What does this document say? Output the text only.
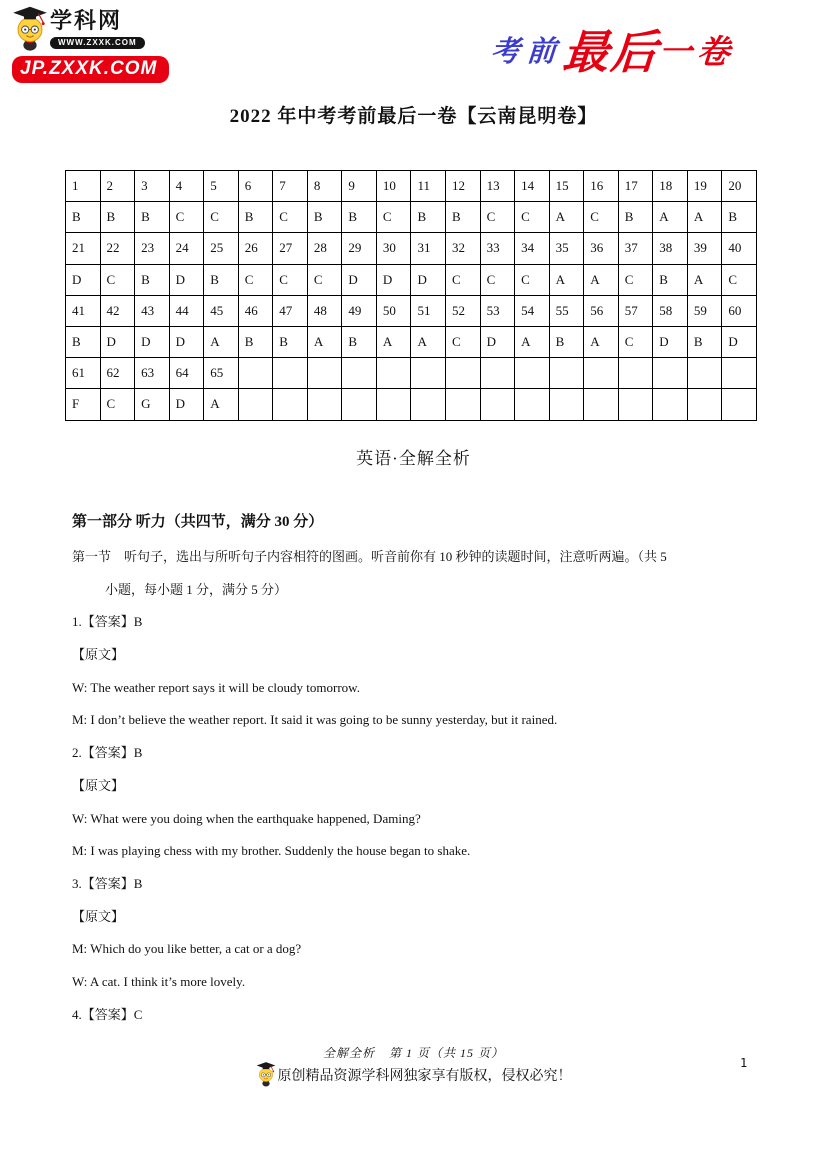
学科网
WWW.ZXXK.COM
JP.ZXXK.COM
考前
最后
一卷
2022 年中考考前最后一卷【云南昆明卷】
1	2	3	4	5	6	7	8	9	10	11	12	13	14	15	16	17	18	19	20
B	B	B	C	C	B	C	B	B	C	B	B	C	C	A	C	B	A	A	B
21	22	23	24	25	26	27	28	29	30	31	32	33	34	35	36	37	38	39	40
D	C	B	D	B	C	C	C	D	D	D	C	C	C	A	A	C	B	A	C
41	42	43	44	45	46	47	48	49	50	51	52	53	54	55	56	57	58	59	60
B	D	D	D	A	B	B	A	B	A	A	C	D	A	B	A	C	D	B	D
61	62	63	64	65															
F	C	G	D	A															
英语·全解全析
第一部分 听力（共四节，满分 30 分）

第一节　听句子，选出与所听句子内容相符的图画。听音前你有 10 秒钟的读题时间，注意听两遍。（共 5

小题，每小题 1 分，满分 5 分）

1.【答案】B

【原文】

W: The weather report says it will be cloudy tomorrow.

M: I don’t believe the weather report. It said it was going to be sunny yesterday, but it rained.

2.【答案】B

【原文】

W: What were you doing when the earthquake happened, Daming?

M: I was playing chess with my brother. Suddenly the house began to shake.

3.【答案】B

【原文】

M: Which do you like better, a cat or a dog?

W: A cat. I think it’s more lovely.

4.【答案】C

全解全析 第 1 页（共 15 页）
原创精品资源学科网独家享有版权，侵权必究！
1
